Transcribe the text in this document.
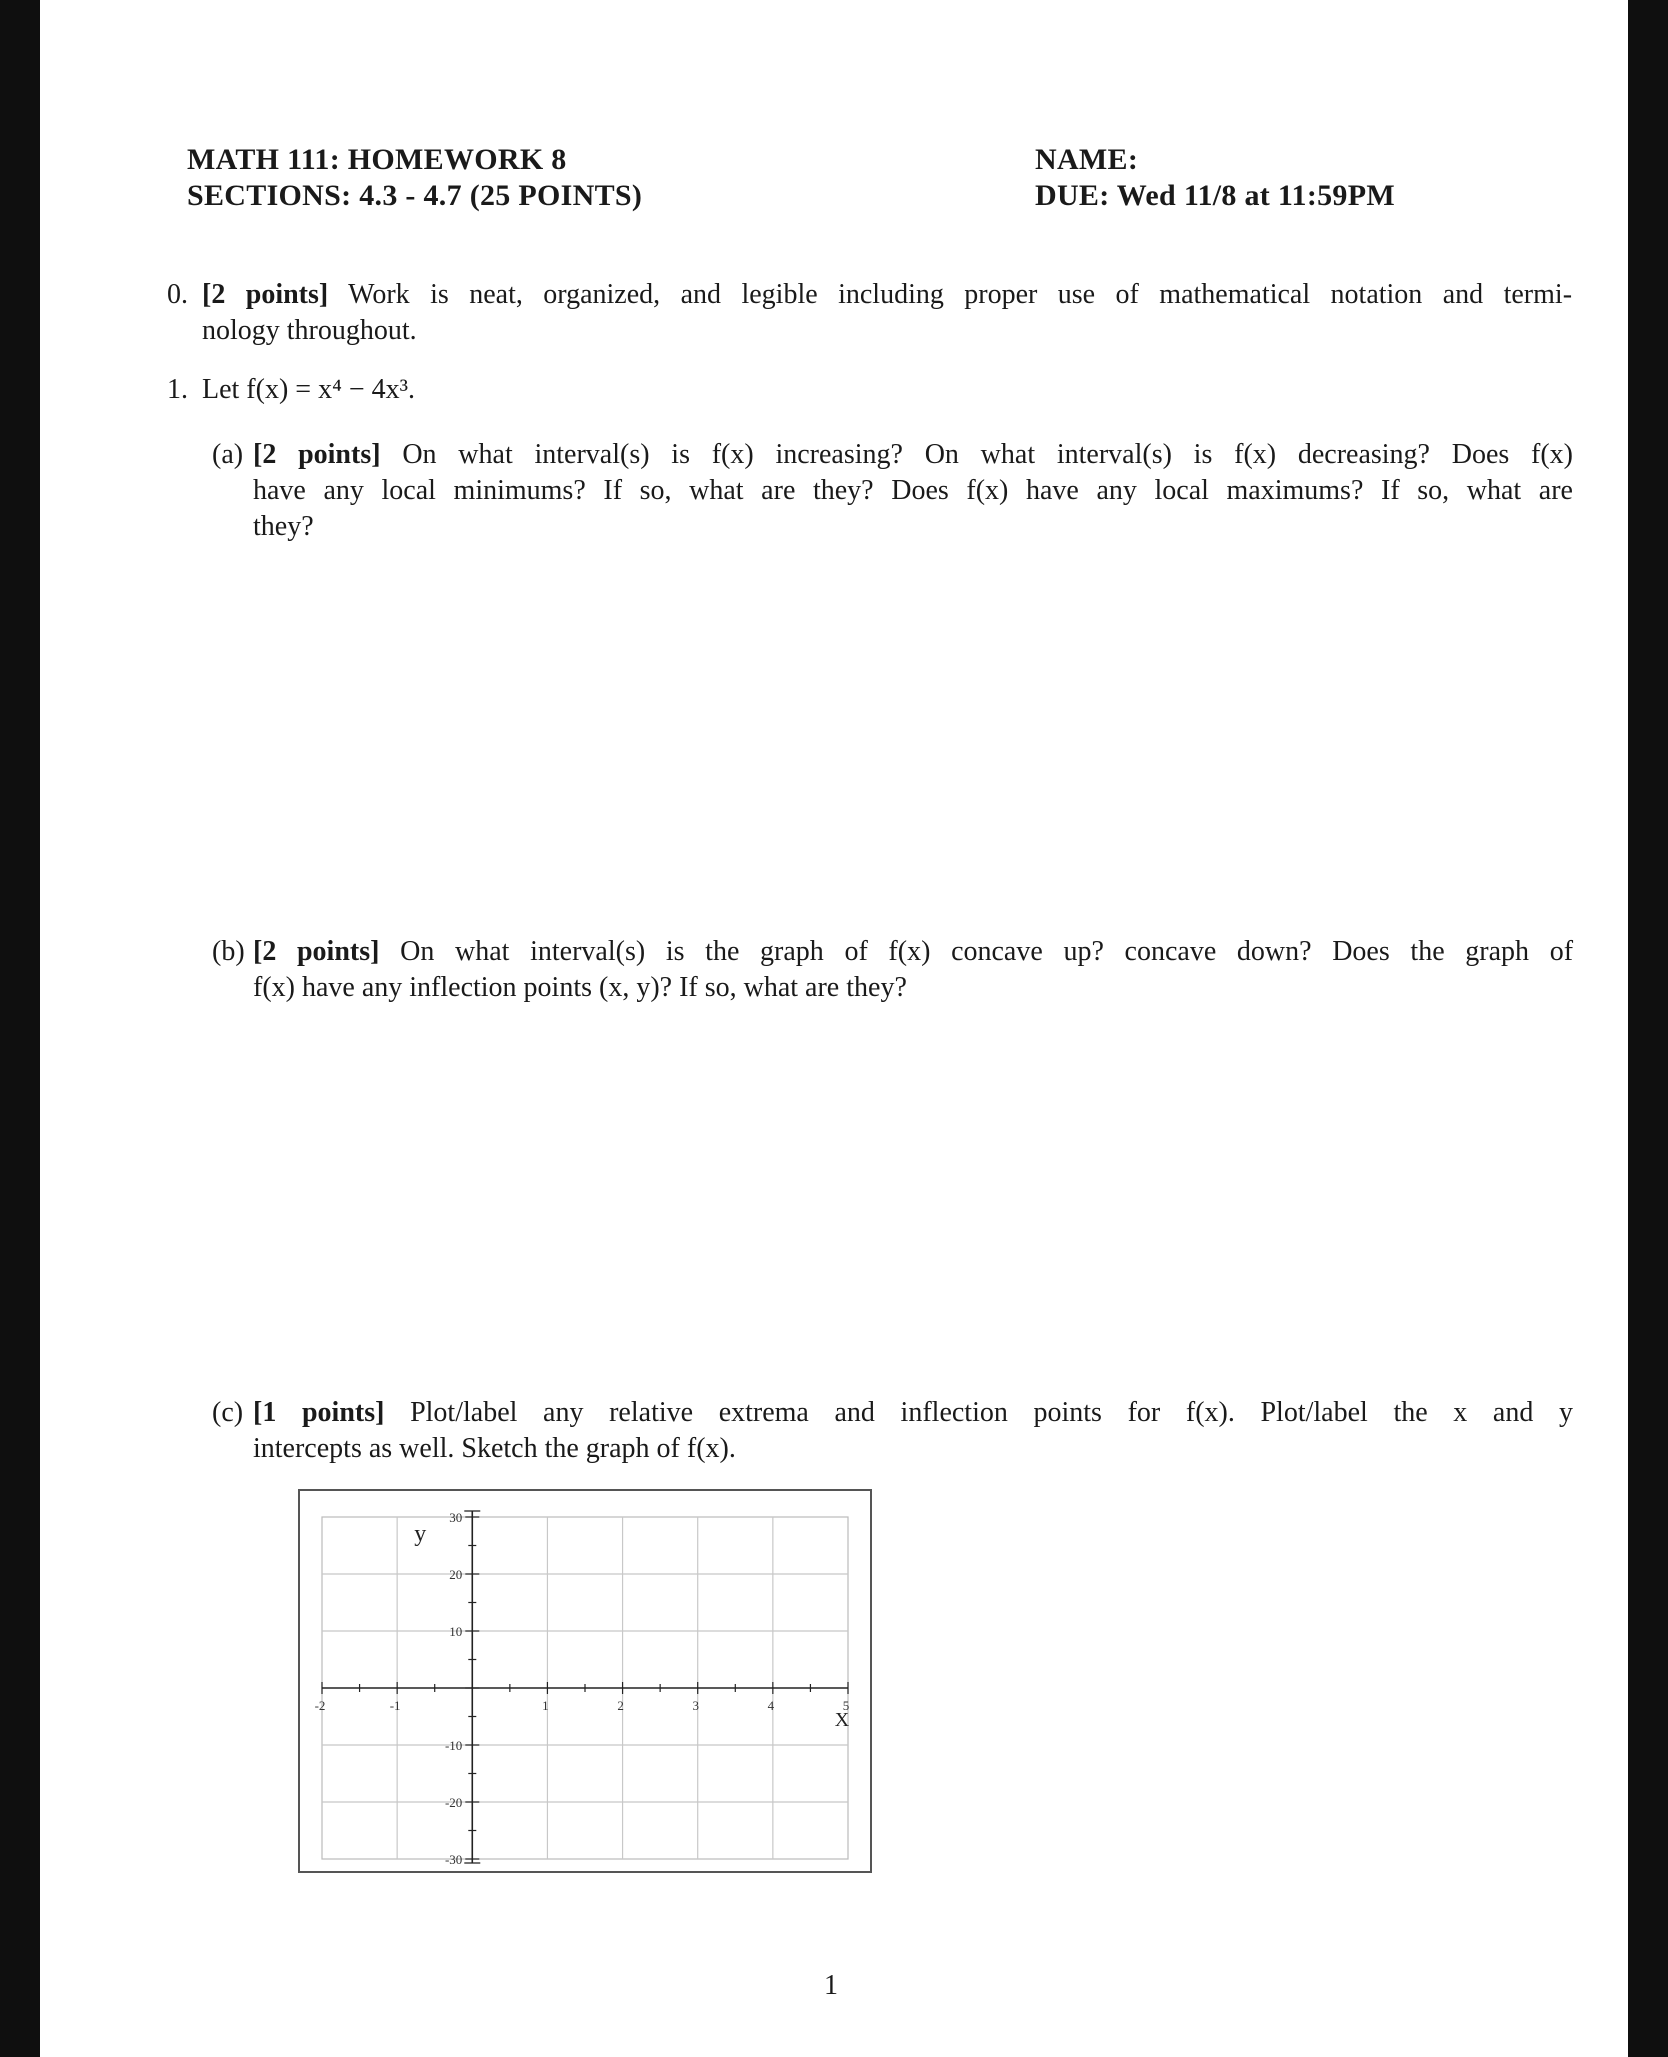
MATH 111: HOMEWORK 8
SECTIONS: 4.3 - 4.7 (25 POINTS)
NAME:
DUE: Wed 11/8 at 11:59PM
0. [2 points] Work is neat, organized, and legible including proper use of mathematical notation and termi-
nology throughout.
1. Let f(x) = x⁴ − 4x³.
(a) [2 points] On what interval(s) is f(x) increasing? On what interval(s) is f(x) decreasing? Does f(x)
have any local minimums? If so, what are they? Does f(x) have any local maximums? If so, what are
they?
(b) [2 points] On what interval(s) is the graph of f(x) concave up? concave down? Does the graph of
f(x) have any inflection points (x, y)? If so, what are they?
(c) [1 points] Plot/label any relative extrema and inflection points for f(x). Plot/label the x and y
intercepts as well. Sketch the graph of f(x).
-2	-1	1	2	3	4	5
30
20
10
-10
-20
-30
X
y
1
